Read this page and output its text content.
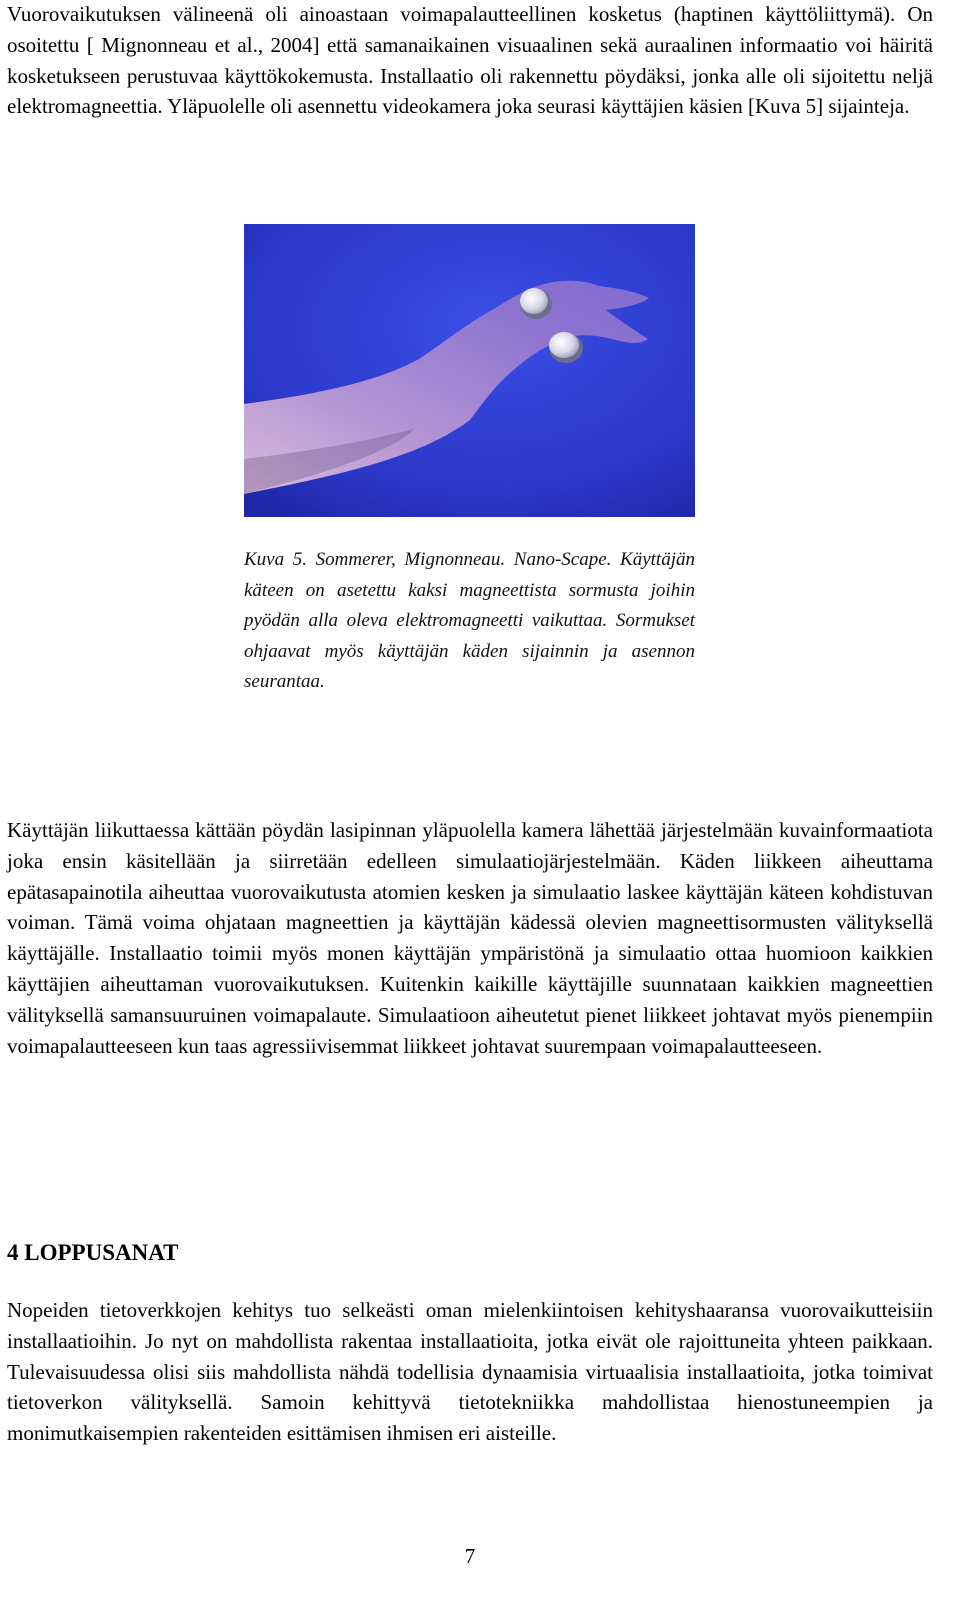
Vuorovaikutuksen välineenä oli ainoastaan voimapalautteellinen kosketus (haptinen käyttöliittymä). On osoitettu [ Mignonneau et al., 2004] että samanaikainen visuaalinen sekä auraalinen informaatio voi häiritä kosketukseen perustuvaa käyttökokemusta. Installaatio oli rakennettu pöydäksi, jonka alle oli sijoitettu neljä elektromagneettia. Yläpuolelle oli asennettu videokamera joka seurasi käyttäjien käsien [Kuva 5] sijainteja.

Kuva 5. Sommerer, Mignonneau. Nano-Scape. Käyttäjän käteen on asetettu kaksi magneettista sormusta joihin pyödän alla oleva elektromagneetti vaikuttaa. Sormukset ohjaavat myös käyttäjän käden sijainnin ja asennon seurantaa.

Käyttäjän liikuttaessa kättään pöydän lasipinnan yläpuolella kamera lähettää järjestelmään kuvainformaatiota joka ensin käsitellään ja siirretään edelleen simulaatiojärjestelmään. Käden liikkeen aiheuttama epätasapainotila aiheuttaa vuorovaikutusta atomien kesken ja simulaatio laskee käyttäjän käteen kohdistuvan voiman. Tämä voima ohjataan magneettien ja käyttäjän kädessä olevien magneettisormusten välityksellä käyttäjälle. Installaatio toimii myös monen käyttäjän ympäristönä ja simulaatio ottaa huomioon kaikkien käyttäjien aiheuttaman vuorovaikutuksen. Kuitenkin kaikille käyttäjille suunnataan kaikkien magneettien välityksellä samansuuruinen voimapalaute. Simulaatioon aiheutetut pienet liikkeet johtavat myös pienempiin voimapalautteeseen kun taas agressiivisemmat liikkeet johtavat suurempaan voimapalautteeseen.

4 LOPPUSANAT

Nopeiden tietoverkkojen kehitys tuo selkeästi oman mielenkiintoisen kehityshaaransa vuorovaikutteisiin installaatioihin. Jo nyt on mahdollista rakentaa installaatioita, jotka eivät ole rajoittuneita yhteen paikkaan. Tulevaisuudessa olisi siis mahdollista nähdä todellisia dynaamisia virtuaalisia installaatioita, jotka toimivat tietoverkon välityksellä. Samoin kehittyvä tietotekniikka mahdollistaa hienostuneempien ja monimutkaisempien rakenteiden esittämisen ihmisen eri aisteille.

7
